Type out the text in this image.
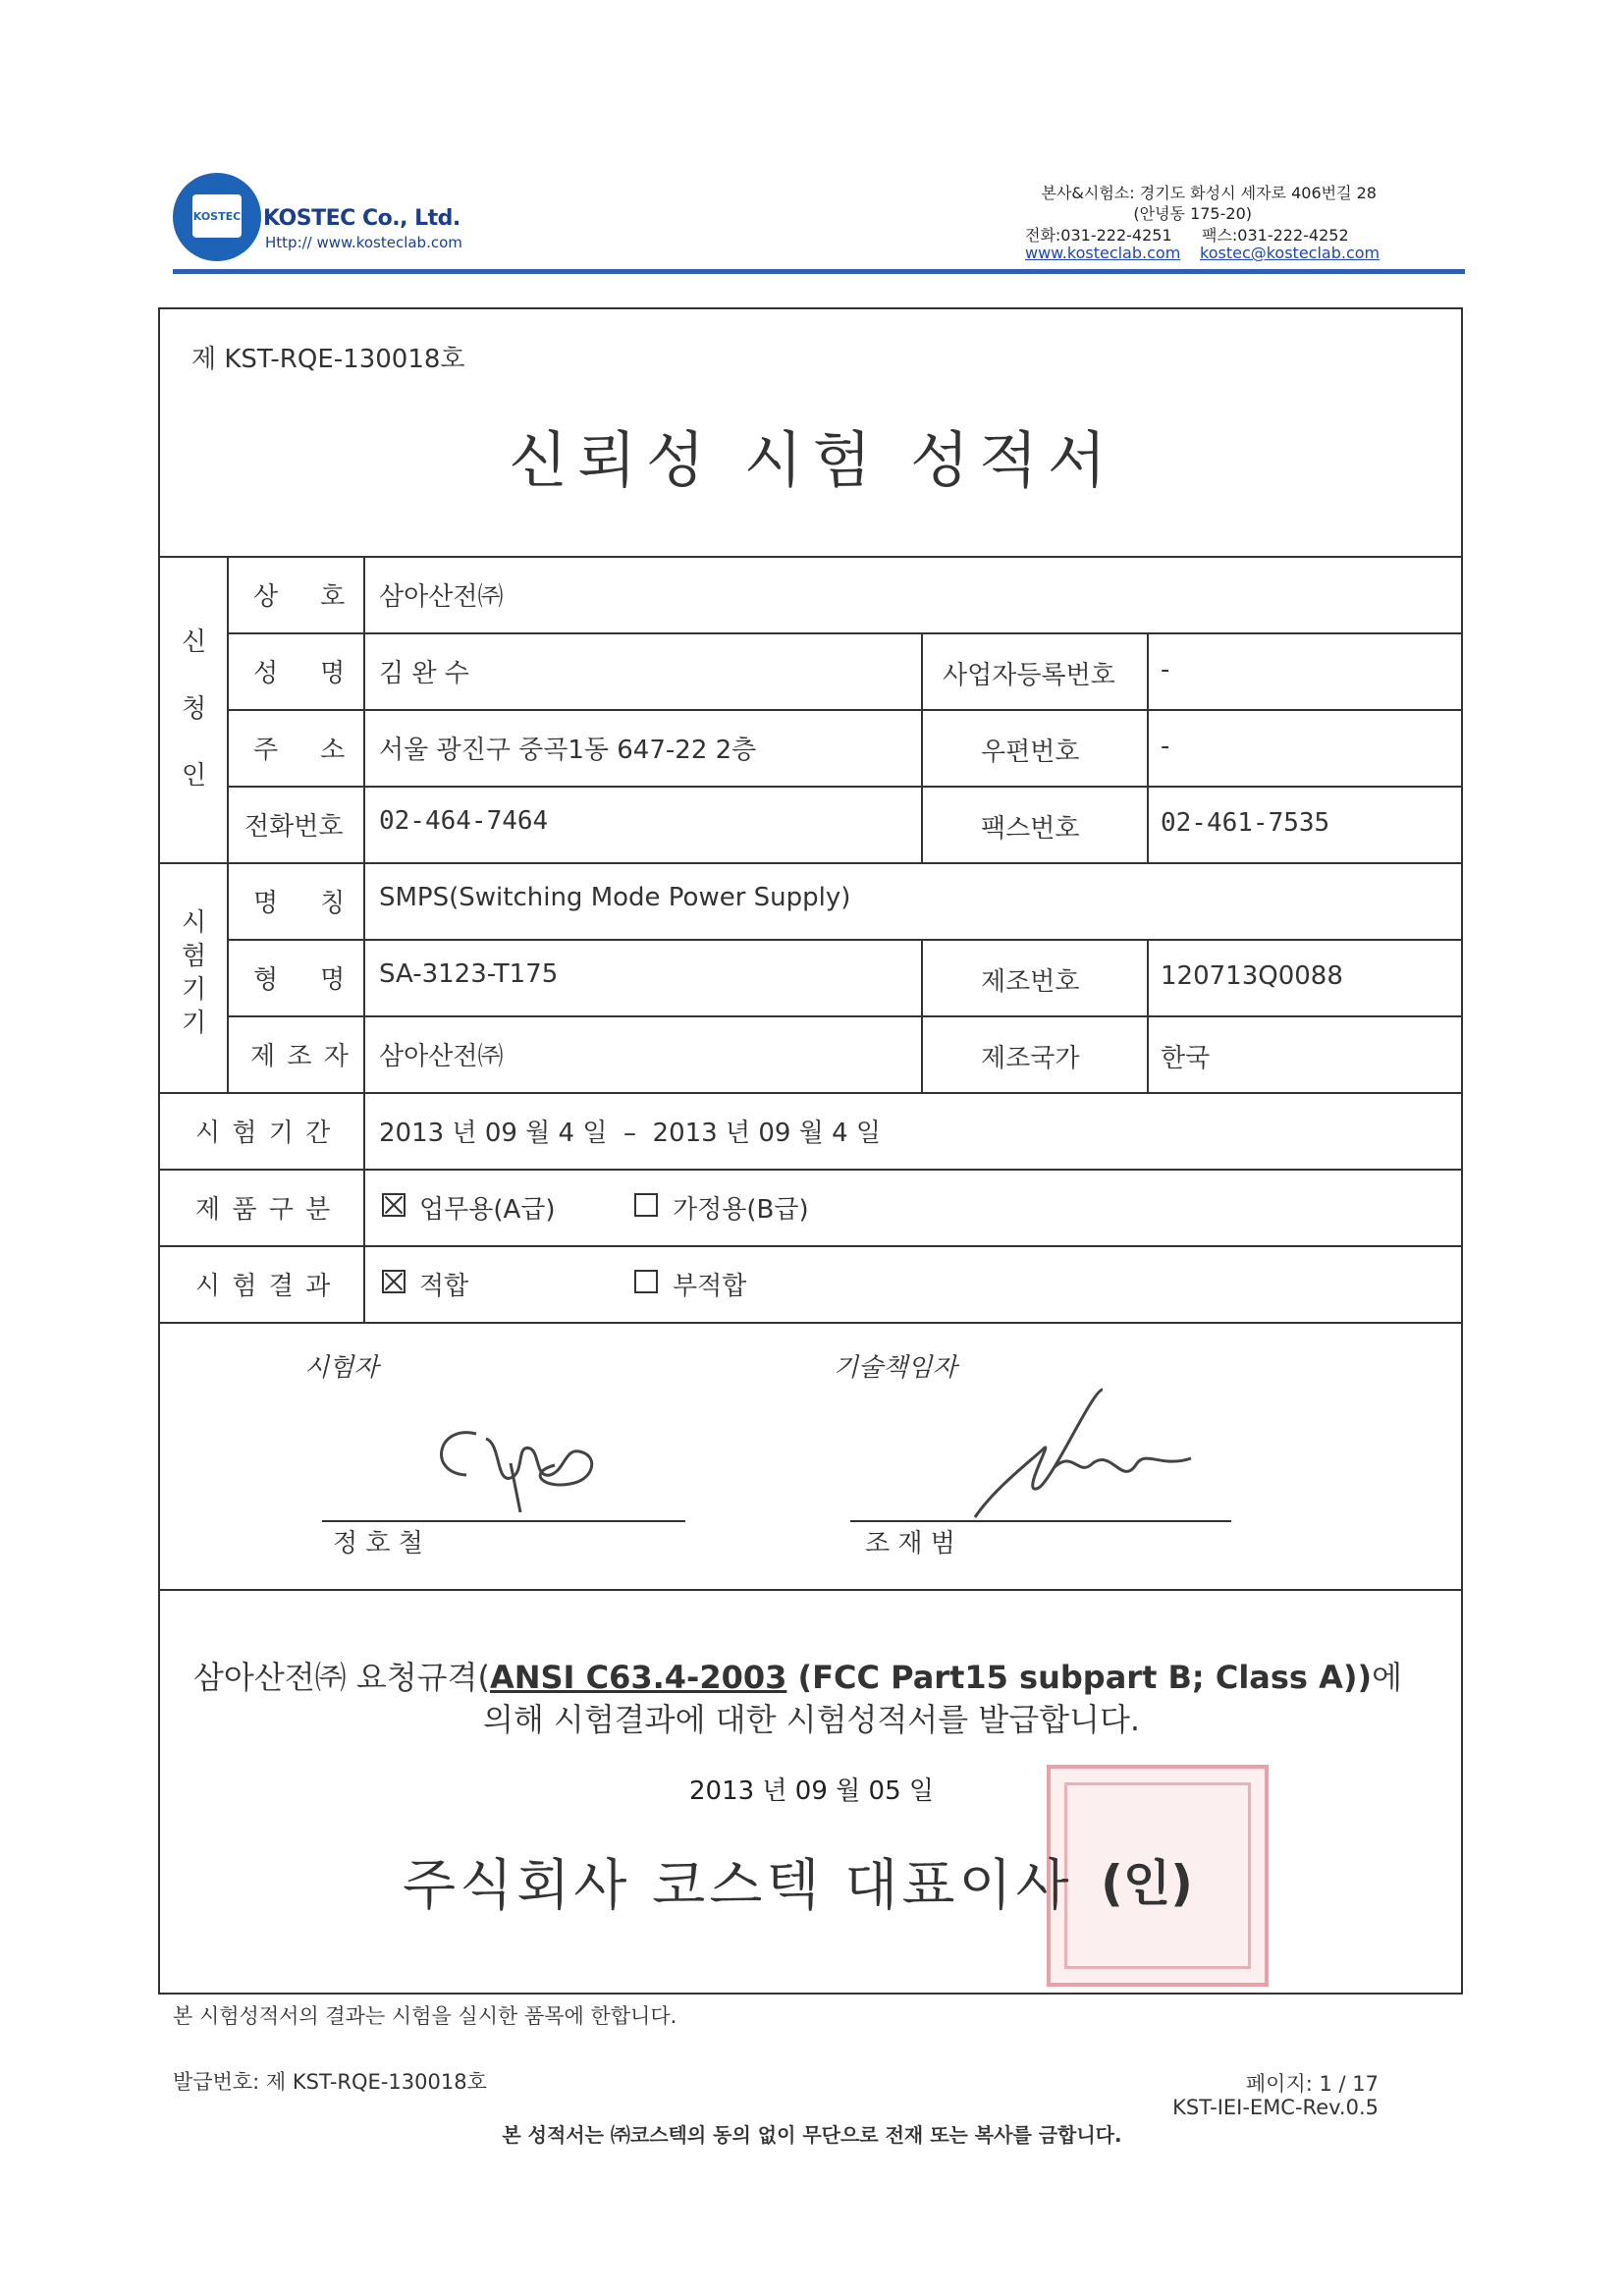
KOSTEC KOSTEC Co., Ltd.
Http:// www.kosteclab.com
본사&시험소: 경기도 화성시 세자로 406번길 28
(안녕동 175-20)
전화:031-222-4251 팩스:031-222-4252
www.kosteclab.com kostec@kosteclab.com
제 KST-RQE-130018호
신뢰성 시험 성적서
신
청
인
상    호 삼아산전㈜
성    명 김 완 수	사업자등록번호 -
주    소 서울 광진구 중곡1동 647-22 2층	우편번호	-
전화번호 02-464-7464	팩스번호	02-461-7535
시
험
기
기
명    칭 SMPS(Switching Mode Power Supply)
형    명 SA-3123-T175	제조번호	120713Q0088
제 조 자 삼아산전㈜	제조국가	한국
시 험 기 간 2013 년 09 월 4 일  –  2013 년 09 월 4 일
제 품 구 분	업무용(A급)	가정용(B급)
시 험 결 과	적합	부적합
시험자
정 호 철
기술책임자
조 재 범
삼아산전㈜ 요청규격(ANSI C63.4-2003 (FCC Part15 subpart B; Class A))에
의해 시험결과에 대한 시험성적서를 발급합니다.
2013 년 09 월 05 일
주식회사 코스텍 대표이사 (인)
본 시험성적서의 결과는 시험을 실시한 품목에 한합니다.
발급번호: 제 KST-RQE-130018호	페이지: 1 / 17
KST-IEI-EMC-Rev.0.5
본 성적서는 ㈜코스텍의 동의 없이 무단으로 전재 또는 복사를 금합니다.
